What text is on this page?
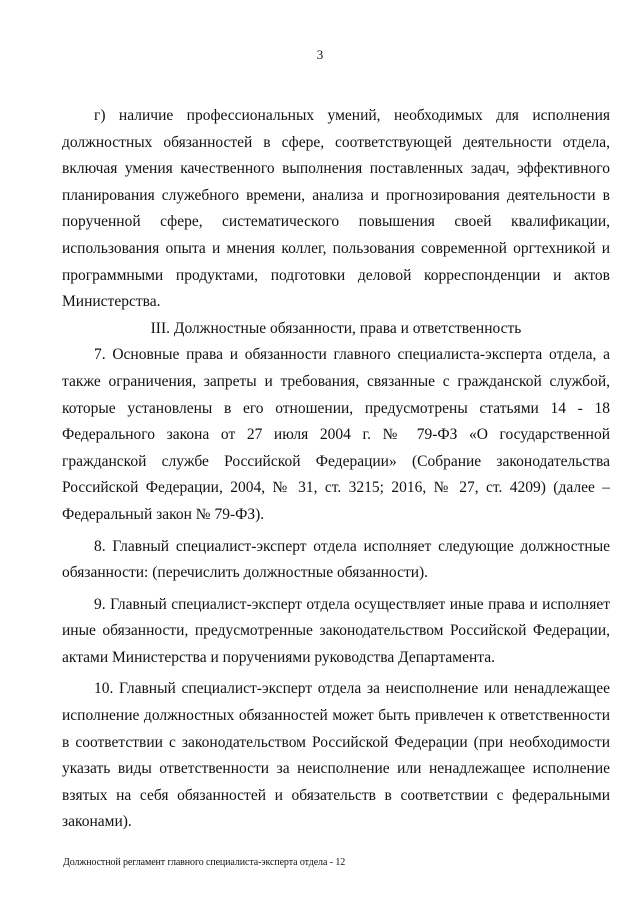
3

г) наличие профессиональных умений, необходимых для исполнения должностных обязанностей в сфере, соответствующей деятельности отдела, включая умения качественного выполнения поставленных задач, эффективного планирования служебного времени, анализа и прогнозирования деятельности в порученной сфере, систематического повышения своей квалификации, использования опыта и мнения коллег, пользования современной оргтехникой и программными продуктами, подготовки деловой корреспонденции и актов Министерства.

III. Должностные обязанности, права и ответственность

7. Основные права и обязанности главного специалиста-эксперта отдела, а также ограничения, запреты и требования, связанные с гражданской службой, которые установлены в его отношении, предусмотрены статьями 14 - 18 Федерального закона от 27 июля 2004 г. № 79-ФЗ «О государственной гражданской службе Российской Федерации» (Собрание законодательства Российской Федерации, 2004, № 31, ст. 3215; 2016, № 27, ст. 4209) (далее – Федеральный закон № 79-ФЗ).

8. Главный специалист-эксперт отдела исполняет следующие должностные обязанности: (перечислить должностные обязанности).

9. Главный специалист-эксперт отдела осуществляет иные права и исполняет иные обязанности, предусмотренные законодательством Российской Федерации, актами Министерства и поручениями руководства Департамента.

10. Главный специалист-эксперт отдела за неисполнение или ненадлежащее исполнение должностных обязанностей может быть привлечен к ответственности в соответствии с законодательством Российской Федерации (при необходимости указать виды ответственности за неисполнение или ненадлежащее исполнение взятых на себя обязанностей и обязательств в соответствии с федеральными законами).

Должностной регламент главного специалиста-эксперта отдела - 12
